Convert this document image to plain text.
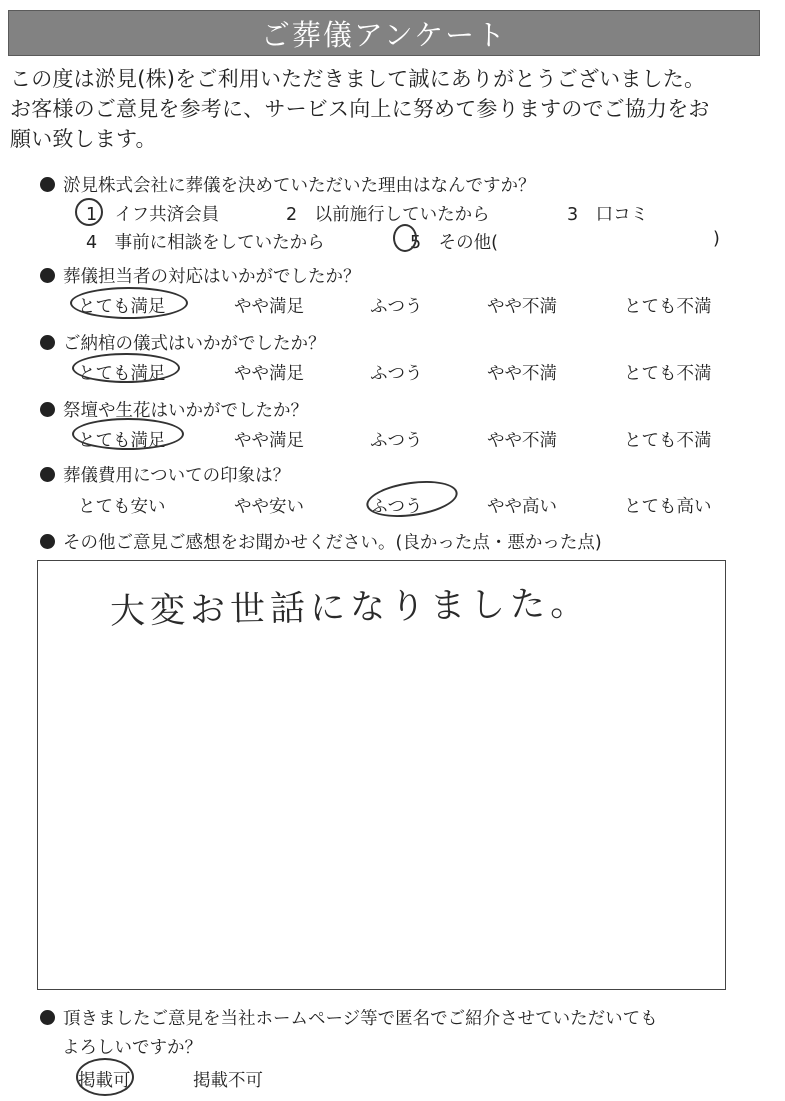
ご葬儀アンケート
この度は淤見(株)をご利用いただきまして誠にありがとうございました。
お客様のご意見を参考に、サービス向上に努めて参りますのでご協力をお
願い致します。
淤見株式会社に葬儀を決めていただいた理由はなんですか？
1　イフ共済会員	2　以前施行していたから	3　口コミ
4　事前に相談をしていたから	5　その他(	)
葬儀担当者の対応はいかがでしたか？
とても満足	やや満足	ふつう	やや不満	とても不満
ご納棺の儀式はいかがでしたか？
とても満足	やや満足	ふつう	やや不満	とても不満
祭壇や生花はいかがでしたか？
とても満足	やや満足	ふつう	やや不満	とても不満
葬儀費用についての印象は？
とても安い	やや安い	ふつう	やや高い	とても高い
その他ご意見ご感想をお聞かせください。(良かった点・悪かった点)
大変お世話になりました。
頂きましたご意見を当社ホームページ等で匿名でご紹介させていただいても
よろしいですか？
掲載可	掲載不可
